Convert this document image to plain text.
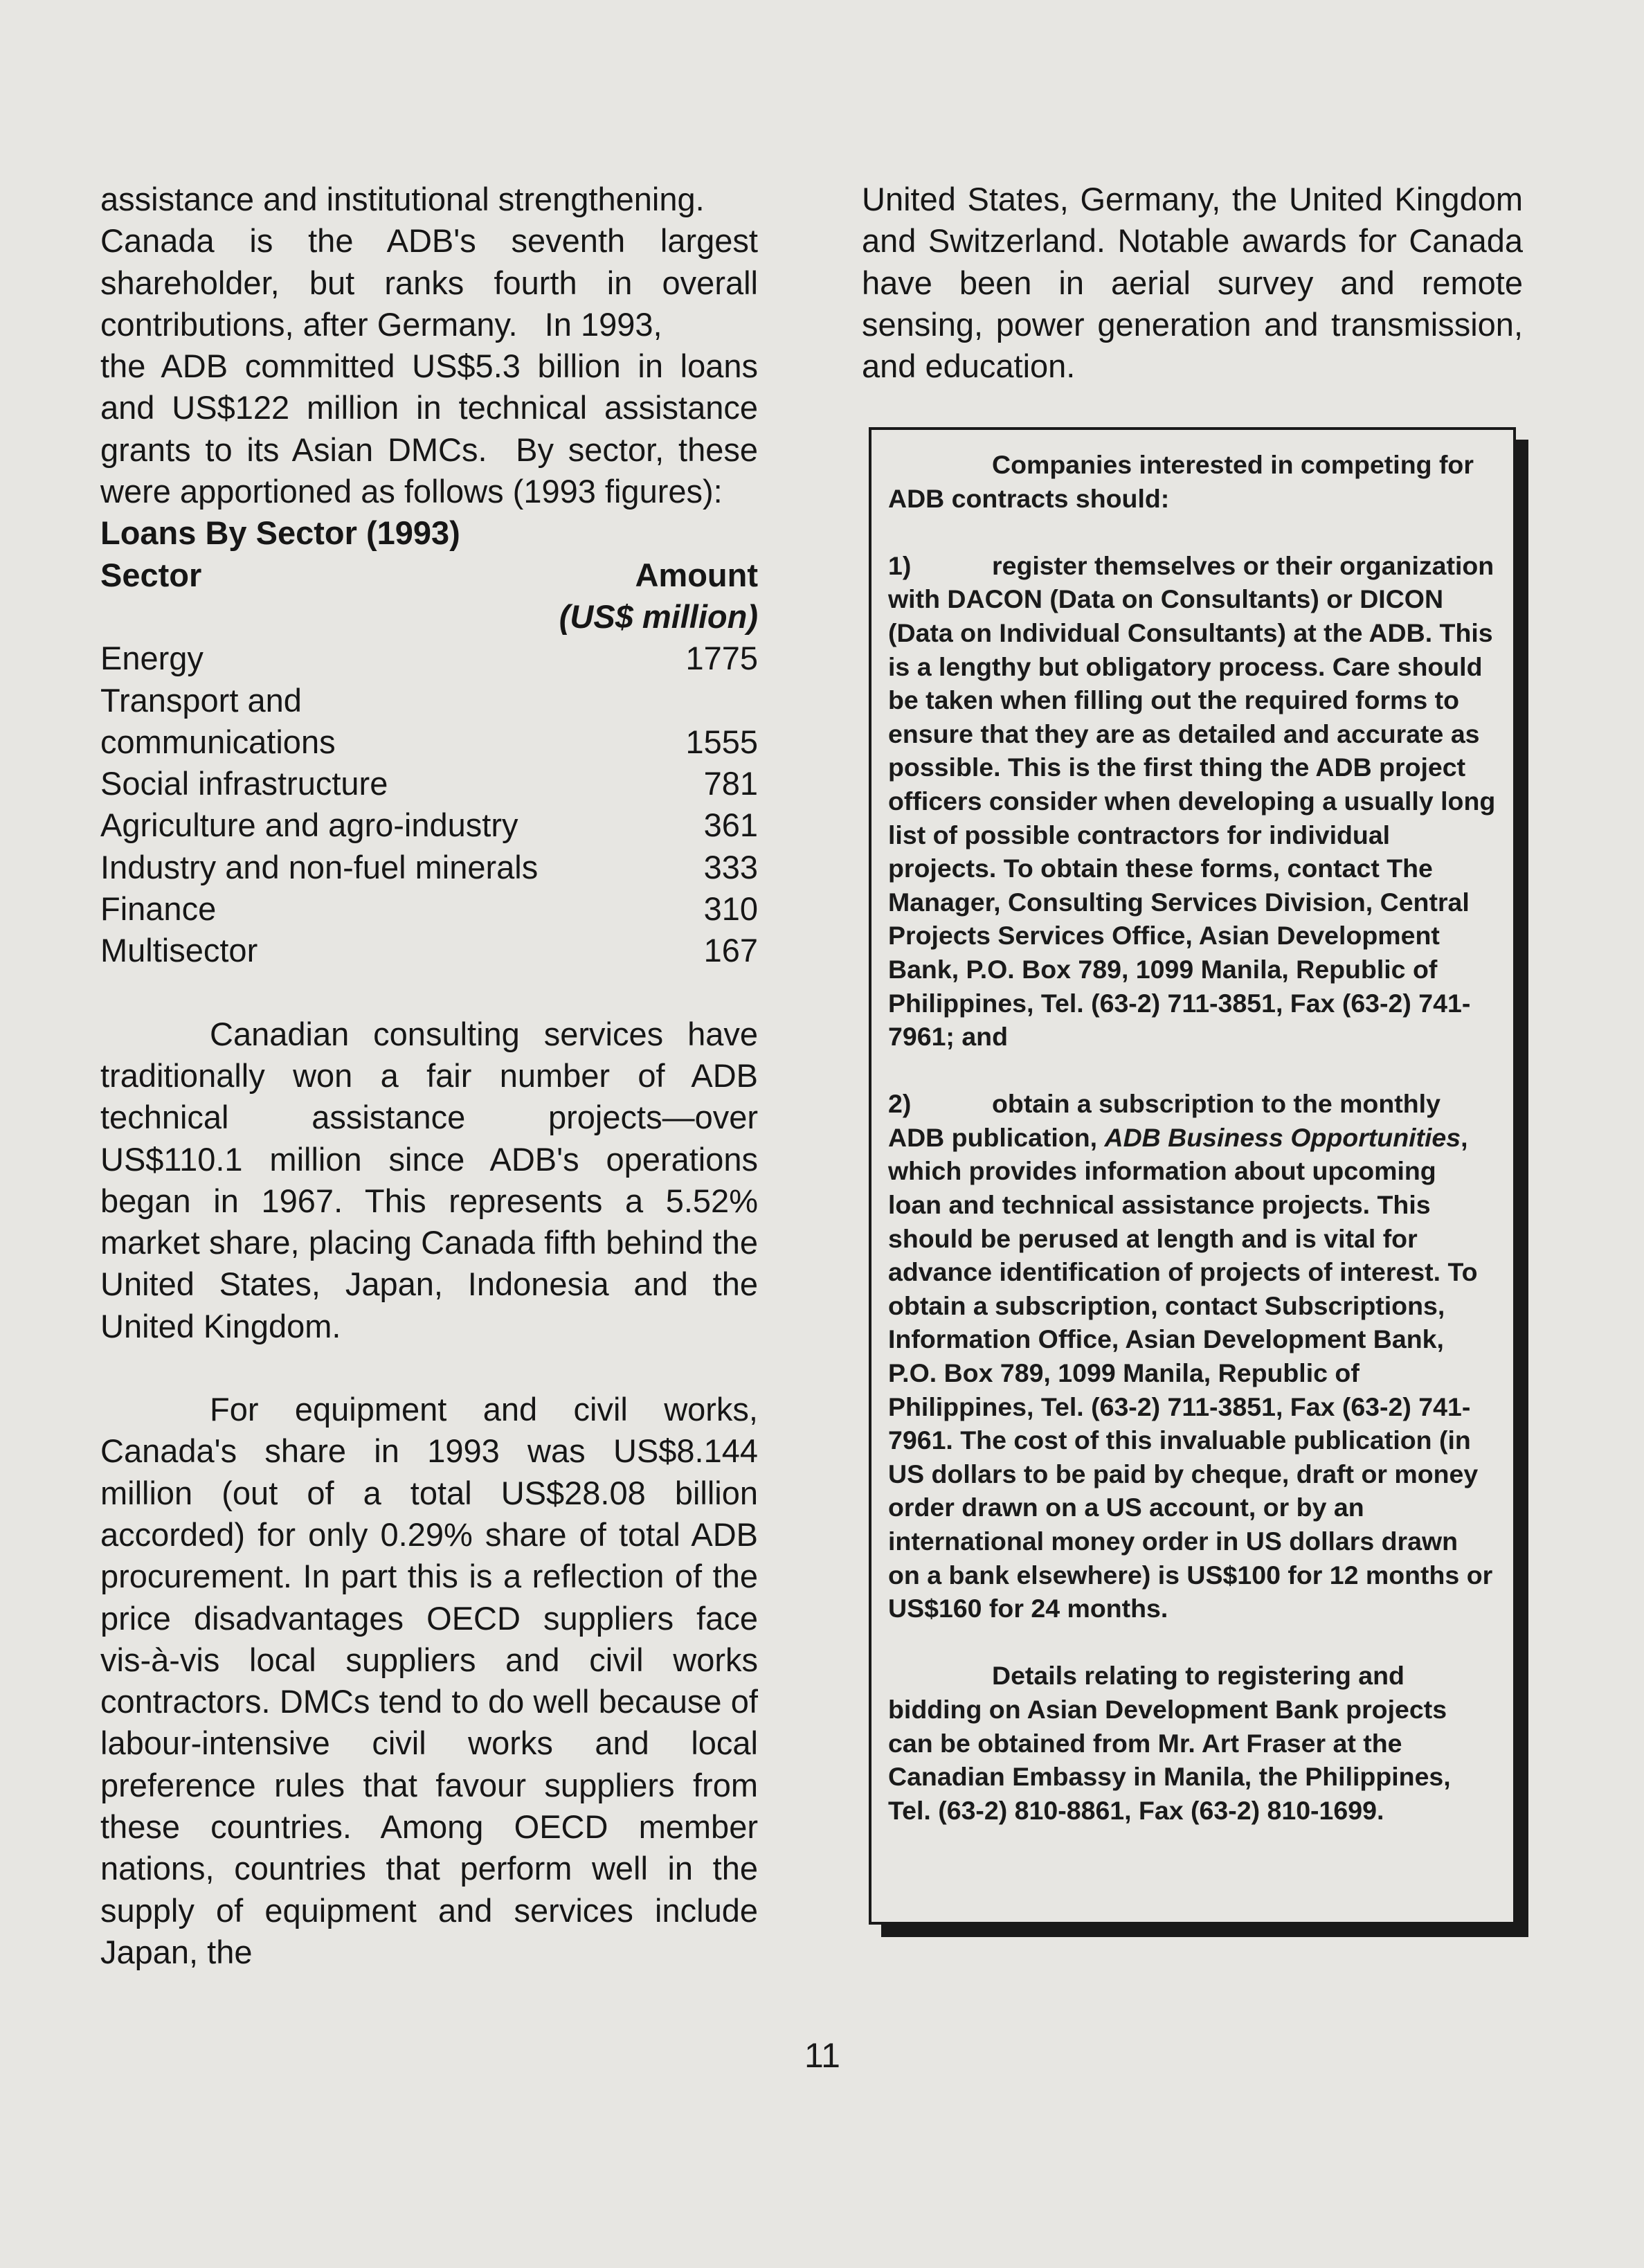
assistance and institutional strengthening.
Canada is the ADB's seventh largest
shareholder, but ranks fourth in overall
contributions, after Germany.   In 1993,
the ADB committed US$5.3 billion in loans
and US$122 million in technical assistance
grants to its Asian DMCs.  By sector, these
were apportioned as follows (1993 figures):
Loans By Sector (1993)
Sector	Amount
(US$ million)
Energy	1775
Transport and
communications	1555
Social infrastructure	781
Agriculture and agro-industry	361
Industry and non-fuel minerals	333
Finance	310
Multisector	167

Canadian consulting services have traditionally won a fair number of ADB technical assistance projects—over US$110.1 million since ADB's operations began in 1967. This represents a 5.52% market share, placing Canada fifth behind the United States, Japan, Indonesia and the United Kingdom.

For equipment and civil works, Canada's share in 1993 was US$8.144 million (out of a total US$28.08 billion accorded) for only 0.29% share of total ADB procurement. In part this is a reflection of the price disadvantages OECD suppliers face vis-à-vis local suppliers and civil works contractors. DMCs tend to do well because of labour-intensive civil works and local preference rules that favour suppliers from these countries. Among OECD member nations, countries that perform well in the supply of equipment and services include Japan, the

United States, Germany, the United Kingdom and Switzerland. Notable awards for Canada have been in aerial survey and remote sensing, power generation and transmission, and education.

Companies interested in competing for ADB contracts should:

1)	register themselves or their organization with DACON (Data on Consultants) or DICON (Data on Individual Consultants) at the ADB. This is a lengthy but obligatory process. Care should be taken when filling out the required forms to ensure that they are as detailed and accurate as possible. This is the first thing the ADB project officers consider when developing a usually long list of possible contractors for individual projects. To obtain these forms, contact The Manager, Consulting Services Division, Central Projects Services Office, Asian Development Bank, P.O. Box 789, 1099 Manila, Republic of Philippines, Tel. (63-2) 711-3851, Fax (63-2) 741-7961; and

2)	obtain a subscription to the monthly ADB publication, ADB Business Opportunities, which provides information about upcoming loan and technical assistance projects. This should be perused at length and is vital for advance identification of projects of interest. To obtain a subscription, contact Subscriptions, Information Office, Asian Development Bank, P.O. Box 789, 1099 Manila, Republic of Philippines, Tel. (63-2) 711-3851, Fax (63-2) 741-7961. The cost of this invaluable publication (in US dollars to be paid by cheque, draft or money order drawn on a US account, or by an international money order in US dollars drawn on a bank elsewhere) is US$100 for 12 months or US$160 for 24 months.

Details relating to registering and bidding on Asian Development Bank projects can be obtained from Mr. Art Fraser at the Canadian Embassy in Manila, the Philippines, Tel. (63-2) 810-8861, Fax (63-2) 810-1699.

11
